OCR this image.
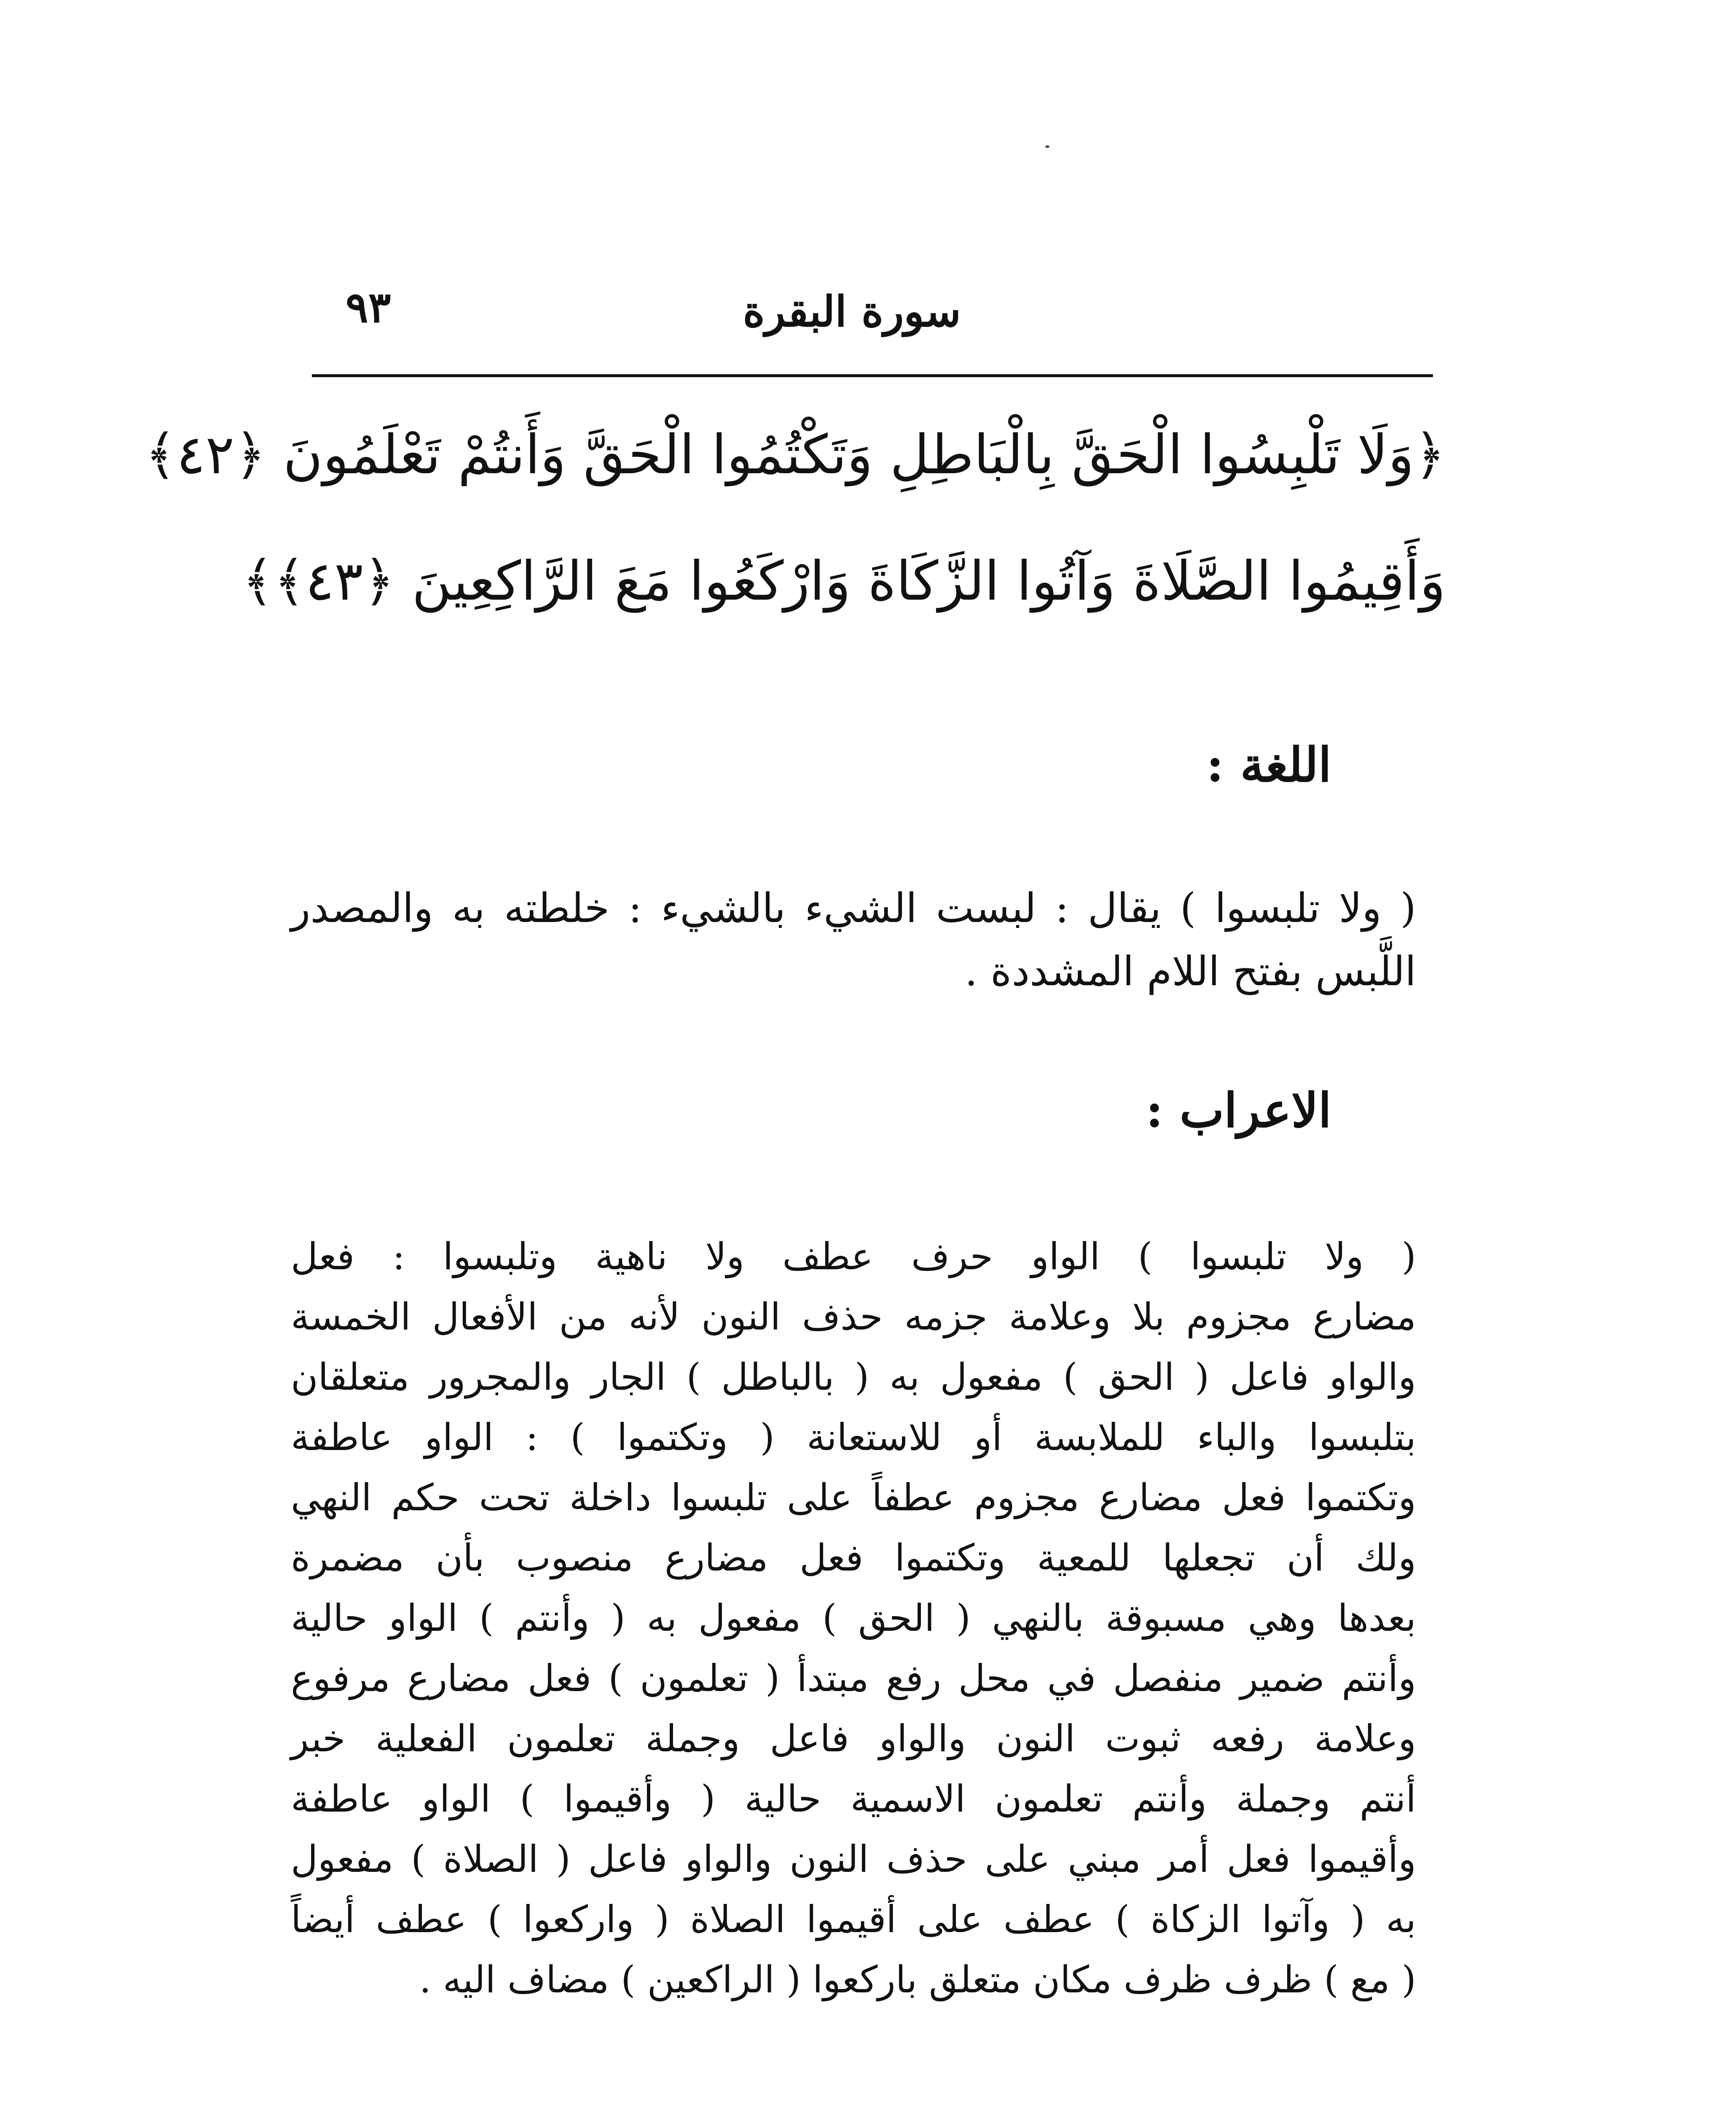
سورة البقرة
٩٣
﴿وَلَا تَلْبِسُوا الْحَقَّ بِالْبَاطِلِ وَتَكْتُمُوا الْحَقَّ وَأَنتُمْ تَعْلَمُونَ ﴿٤٢﴾
وَأَقِيمُوا الصَّلَاةَ وَآتُوا الزَّكَاةَ وَارْكَعُوا مَعَ الرَّاكِعِينَ ﴿٤٣﴾﴾
اللغة :
( ولا تلبسوا ) يقال : لبست الشيء بالشيء : خلطته به والمصدر
اللَّبس بفتح اللام المشددة .
الاعراب :
( ولا تلبسوا ) الواو حرف عطف ولا ناهية وتلبسوا : فعل
مضارع مجزوم بلا وعلامة جزمه حذف النون لأنه من الأفعال الخمسة
والواو فاعل ( الحق ) مفعول به ( بالباطل ) الجار والمجرور متعلقان
بتلبسوا والباء للملابسة أو للاستعانة ( وتكتموا ) : الواو عاطفة
وتكتموا فعل مضارع مجزوم عطفاً على تلبسوا داخلة تحت حكم النهي
ولك أن تجعلها للمعية وتكتموا فعل مضارع منصوب بأن مضمرة
بعدها وهي مسبوقة بالنهي ( الحق ) مفعول به ( وأنتم ) الواو حالية
وأنتم ضمير منفصل في محل رفع مبتدأ ( تعلمون ) فعل مضارع مرفوع
وعلامة رفعه ثبوت النون والواو فاعل وجملة تعلمون الفعلية خبر
أنتم وجملة وأنتم تعلمون الاسمية حالية ( وأقيموا ) الواو عاطفة
وأقيموا فعل أمر مبني على حذف النون والواو فاعل ( الصلاة ) مفعول
به ( وآتوا الزكاة ) عطف على أقيموا الصلاة ( واركعوا ) عطف أيضاً
( مع ) ظرف ظرف مكان متعلق باركعوا ( الراكعين ) مضاف اليه .
